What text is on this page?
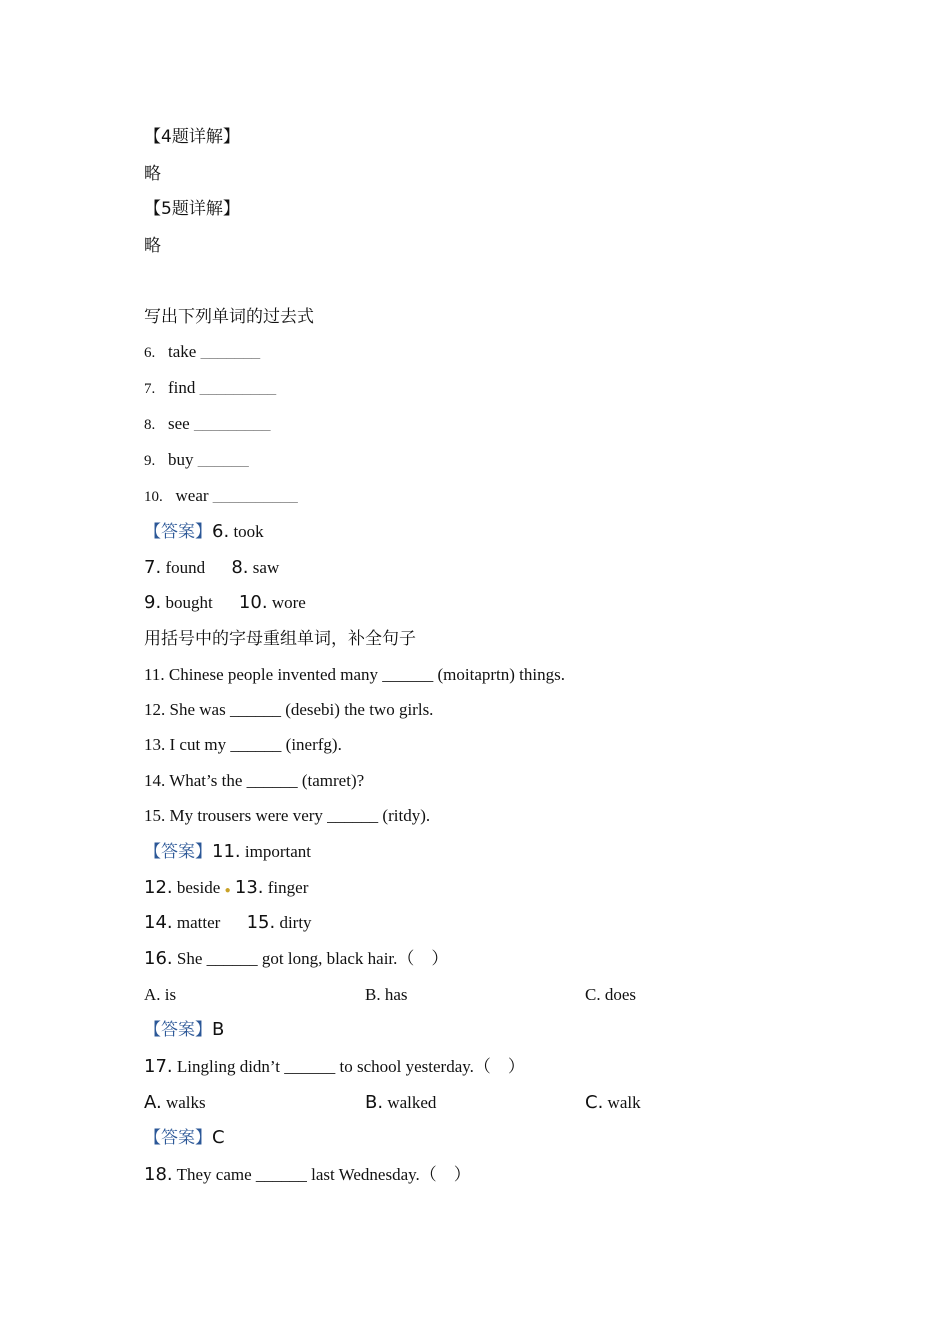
【4题详解】

略

【5题详解】

略

写出下列单词的过去式

6. take _______

7. find _________

8. see _________

9. buy ______

10. wear __________

【答案】6. took

7. found 8. saw

9. bought 10. wore

用括号中的字母重组单词，补全句子

11. Chinese people invented many ______ (moitaprtn) things.

12. She was ______ (desebi) the two girls.

13. I cut my ______ (inerfg).

14. What’s the ______ (tamret)?

15. My trousers were very ______ (ritdy).

【答案】11. important

12. beside ● 13. finger

14. matter 15. dirty

16. She ______ got long, black hair.（　）

A. is	B. has	C. does

【答案】B

17. Lingling didn’t ______ to school yesterday.（　）

A. walks	B. walked	C. walk

【答案】C

18. They came ______ last Wednesday.（　）
